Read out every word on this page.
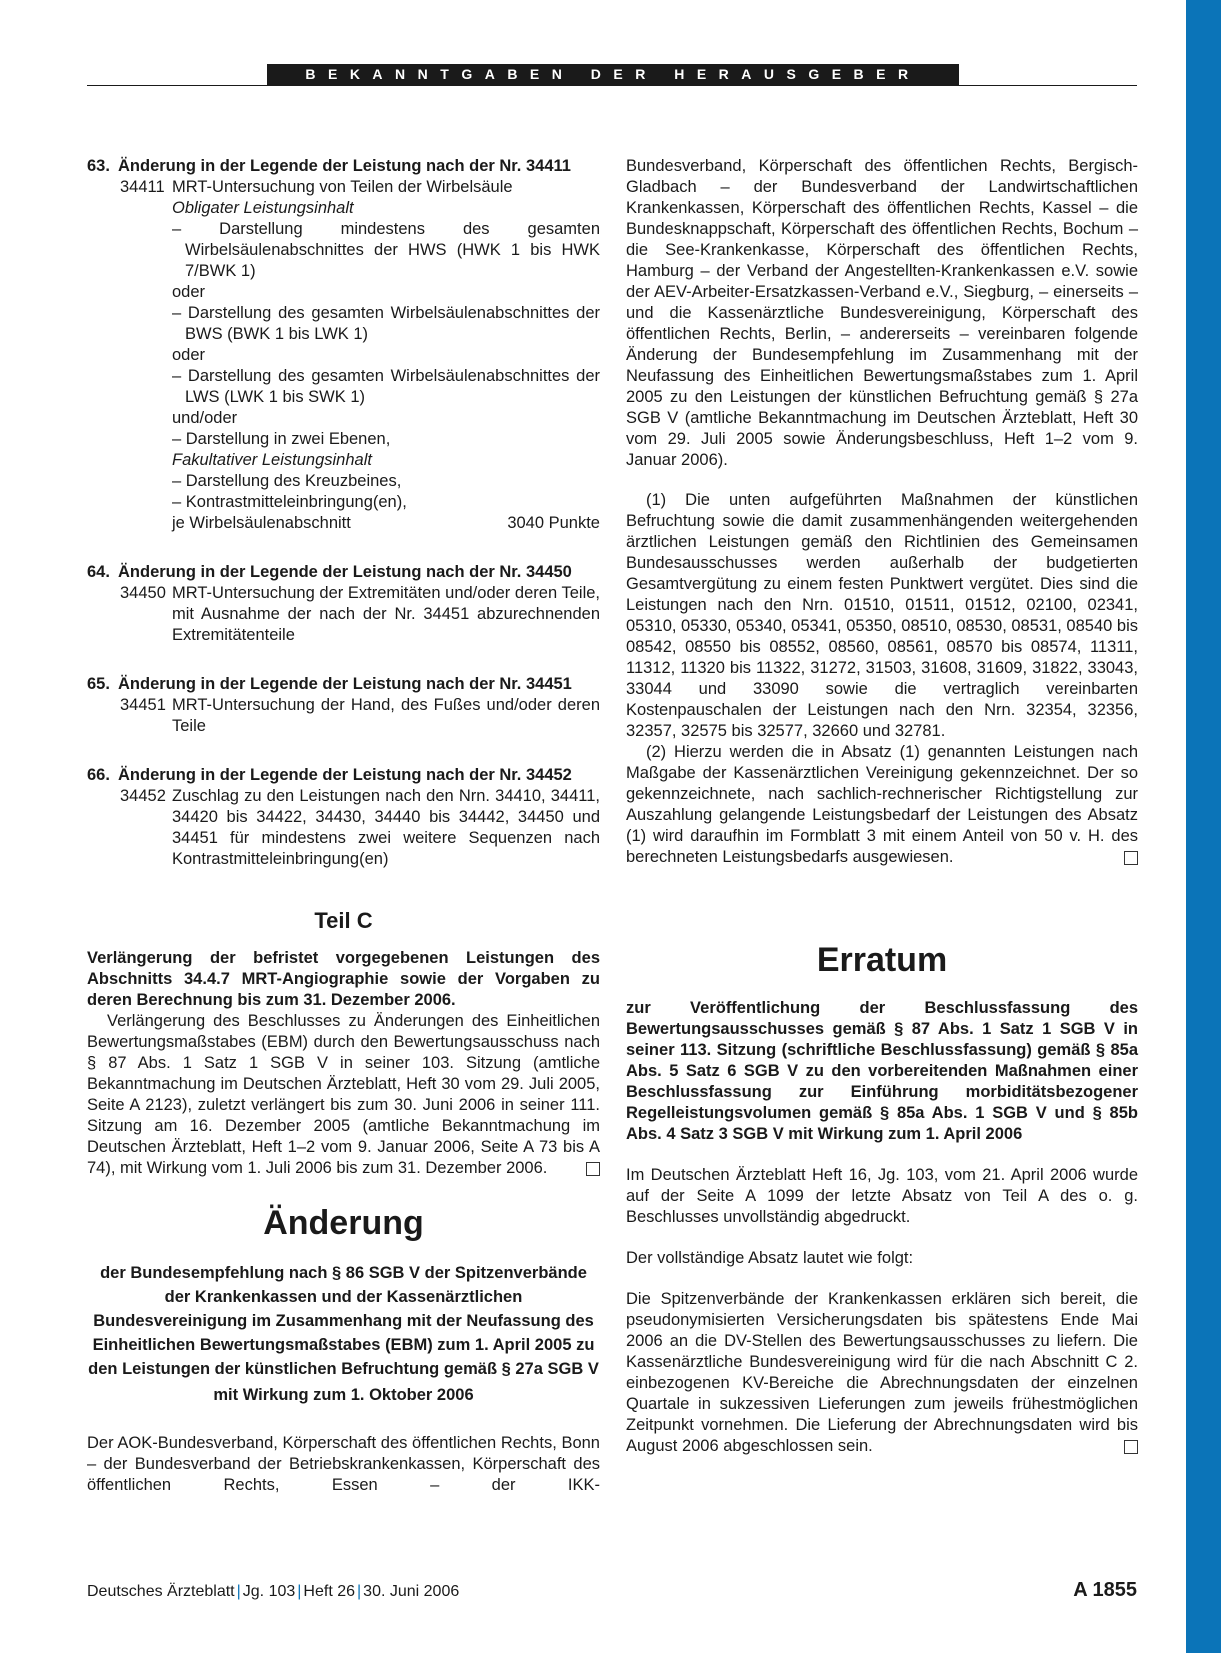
BEKANNTGABEN DER HERAUSGEBER
63. Änderung in der Legende der Leistung nach der Nr. 34411
34411 MRT-Untersuchung von Teilen der Wirbelsäule
Obligater Leistungsinhalt
– Darstellung mindestens des gesamten Wirbelsäulenabschnittes der HWS (HWK 1 bis HWK 7/BWK 1)
oder
– Darstellung des gesamten Wirbelsäulenabschnittes der BWS (BWK 1 bis LWK 1)
oder
– Darstellung des gesamten Wirbelsäulenabschnittes der LWS (LWK 1 bis SWK 1)
und/oder
– Darstellung in zwei Ebenen,
Fakultativer Leistungsinhalt
– Darstellung des Kreuzbeines,
– Kontrastmitteleinbringung(en),
je Wirbelsäulenabschnitt	3040 Punkte
64. Änderung in der Legende der Leistung nach der Nr. 34450
34450 MRT-Untersuchung der Extremitäten und/oder deren Teile, mit Ausnahme der nach der Nr. 34451 abzurechnenden Extremitätenteile
65. Änderung in der Legende der Leistung nach der Nr. 34451
34451 MRT-Untersuchung der Hand, des Fußes und/oder deren Teile
66. Änderung in der Legende der Leistung nach der Nr. 34452
34452 Zuschlag zu den Leistungen nach den Nrn. 34410, 34411, 34420 bis 34422, 34430, 34440 bis 34442, 34450 und 34451 für mindestens zwei weitere Sequenzen nach Kontrastmitteleinbringung(en)
Teil C
Verlängerung der befristet vorgegebenen Leistungen des Abschnitts 34.4.7 MRT-Angiographie sowie der Vorgaben zu deren Berechnung bis zum 31. Dezember 2006.
Verlängerung des Beschlusses zu Änderungen des Einheitlichen Bewertungsmaßstabes (EBM) durch den Bewertungsausschuss nach § 87 Abs. 1 Satz 1 SGB V in seiner 103. Sitzung (amtliche Bekanntmachung im Deutschen Ärzteblatt, Heft 30 vom 29. Juli 2005, Seite A 2123), zuletzt verlängert bis zum 30. Juni 2006 in seiner 111. Sitzung am 16. Dezember 2005 (amtliche Bekanntmachung im Deutschen Ärzteblatt, Heft 1–2 vom 9. Januar 2006, Seite A 73 bis A 74), mit Wirkung vom 1. Juli 2006 bis zum 31. Dezember 2006.
Änderung
der Bundesempfehlung nach § 86 SGB V der Spitzenverbände der Krankenkassen und der Kassenärztlichen Bundesvereinigung im Zusammenhang mit der Neufassung des Einheitlichen Bewertungsmaßstabes (EBM) zum 1. April 2005 zu den Leistungen der künstlichen Befruchtung gemäß § 27a SGB V
mit Wirkung zum 1. Oktober 2006
Der AOK-Bundesverband, Körperschaft des öffentlichen Rechts, Bonn – der Bundesverband der Betriebskrankenkassen, Körperschaft des öffentlichen Rechts, Essen – der IKK-
Bundesverband, Körperschaft des öffentlichen Rechts, Bergisch-Gladbach – der Bundesverband der Landwirtschaftlichen Krankenkassen, Körperschaft des öffentlichen Rechts, Kassel – die Bundesknappschaft, Körperschaft des öffentlichen Rechts, Bochum – die See-Krankenkasse, Körperschaft des öffentlichen Rechts, Hamburg – der Verband der Angestellten-Krankenkassen e.V. sowie der AEV-Arbeiter-Ersatzkassen-Verband e.V., Siegburg, – einerseits – und die Kassenärztliche Bundesvereinigung, Körperschaft des öffentlichen Rechts, Berlin, – andererseits – vereinbaren folgende Änderung der Bundesempfehlung im Zusammenhang mit der Neufassung des Einheitlichen Bewertungsmaßstabes zum 1. April 2005 zu den Leistungen der künstlichen Befruchtung gemäß § 27a SGB V (amtliche Bekanntmachung im Deutschen Ärzteblatt, Heft 30 vom 29. Juli 2005 sowie Änderungsbeschluss, Heft 1–2 vom 9. Januar 2006).
(1) Die unten aufgeführten Maßnahmen der künstlichen Befruchtung sowie die damit zusammenhängenden weitergehenden ärztlichen Leistungen gemäß den Richtlinien des Gemeinsamen Bundesausschusses werden außerhalb der budgetierten Gesamtvergütung zu einem festen Punktwert vergütet. Dies sind die Leistungen nach den Nrn. 01510, 01511, 01512, 02100, 02341, 05310, 05330, 05340, 05341, 05350, 08510, 08530, 08531, 08540 bis 08542, 08550 bis 08552, 08560, 08561, 08570 bis 08574, 11311, 11312, 11320 bis 11322, 31272, 31503, 31608, 31609, 31822, 33043, 33044 und 33090 sowie die vertraglich vereinbarten Kostenpauschalen der Leistungen nach den Nrn. 32354, 32356, 32357, 32575 bis 32577, 32660 und 32781.
(2) Hierzu werden die in Absatz (1) genannten Leistungen nach Maßgabe der Kassenärztlichen Vereinigung gekennzeichnet. Der so gekennzeichnete, nach sachlich-rechnerischer Richtigstellung zur Auszahlung gelangende Leistungsbedarf der Leistungen des Absatz (1) wird daraufhin im Formblatt 3 mit einem Anteil von 50 v. H. des berechneten Leistungsbedarfs ausgewiesen.
Erratum
zur Veröffentlichung der Beschlussfassung des Bewertungsausschusses gemäß § 87 Abs. 1 Satz 1 SGB V in seiner 113. Sitzung (schriftliche Beschlussfassung) gemäß § 85a Abs. 5 Satz 6 SGB V zu den vorbereitenden Maßnahmen einer Beschlussfassung zur Einführung morbiditätsbezogener Regelleistungsvolumen gemäß § 85a Abs. 1 SGB V und § 85b Abs. 4 Satz 3 SGB V mit Wirkung zum 1. April 2006
Im Deutschen Ärzteblatt Heft 16, Jg. 103, vom 21. April 2006 wurde auf der Seite A 1099 der letzte Absatz von Teil A des o. g. Beschlusses unvollständig abgedruckt.
Der vollständige Absatz lautet wie folgt:
Die Spitzenverbände der Krankenkassen erklären sich bereit, die pseudonymisierten Versicherungsdaten bis spätestens Ende Mai 2006 an die DV-Stellen des Bewertungsausschusses zu liefern. Die Kassenärztliche Bundesvereinigung wird für die nach Abschnitt C 2. einbezogenen KV-Bereiche die Abrechnungsdaten der einzelnen Quartale in sukzessiven Lieferungen zum jeweils frühestmöglichen Zeitpunkt vornehmen. Die Lieferung der Abrechnungsdaten wird bis August 2006 abgeschlossen sein.
Deutsches Ärzteblatt | Jg. 103 | Heft 26 | 30. Juni 2006	A 1855
